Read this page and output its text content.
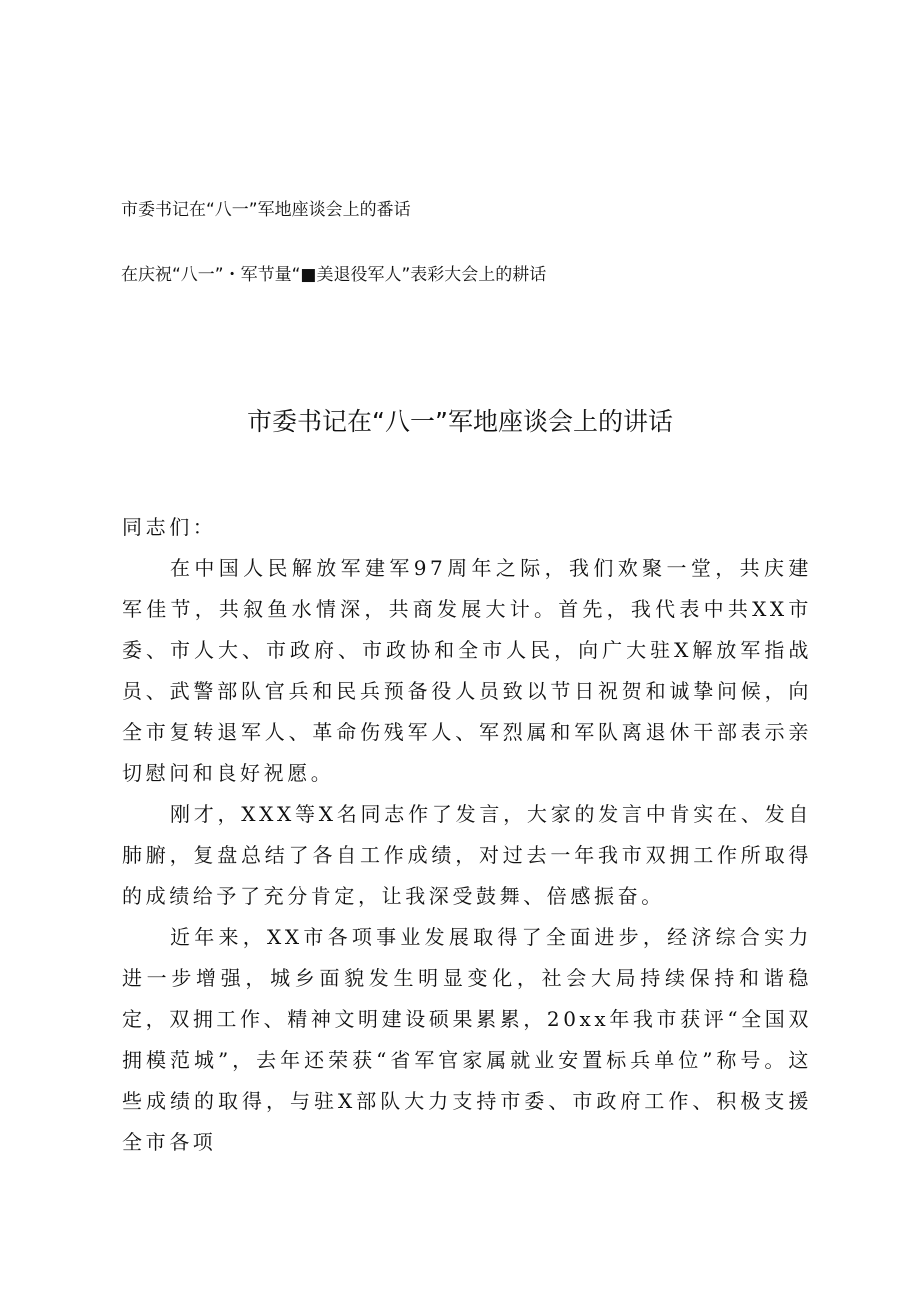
市委书记在“八一”军地座谈会上的番话
在庆祝“八一”・军节量“■美退役军人”表彩大会上的耕话
市委书记在“八一”军地座谈会上的讲话

同志们：

在中国人民解放军建军97周年之际，我们欢聚一堂，共庆建军佳节，共叙鱼水情深，共商发展大计。首先，我代表中共XX市委、市人大、市政府、市政协和全市人民，向广大驻X解放军指战员、武警部队官兵和民兵预备役人员致以节日祝贺和诚挚问候，向全市复转退军人、革命伤残军人、军烈属和军队离退休干部表示亲切慰问和良好祝愿。

刚才，XXX等X名同志作了发言，大家的发言中肯实在、发自肺腑，复盘总结了各自工作成绩，对过去一年我市双拥工作所取得的成绩给予了充分肯定，让我深受鼓舞、倍感振奋。

近年来，XX市各项事业发展取得了全面进步，经济综合实力进一步增强，城乡面貌发生明显变化，社会大局持续保持和谐稳定，双拥工作、精神文明建设硕果累累，20xx年我市获评“全国双拥模范城”，去年还荣获“省军官家属就业安置标兵单位”称号。这些成绩的取得，与驻X部队大力支持市委、市政府工作、积极支援全市各项
